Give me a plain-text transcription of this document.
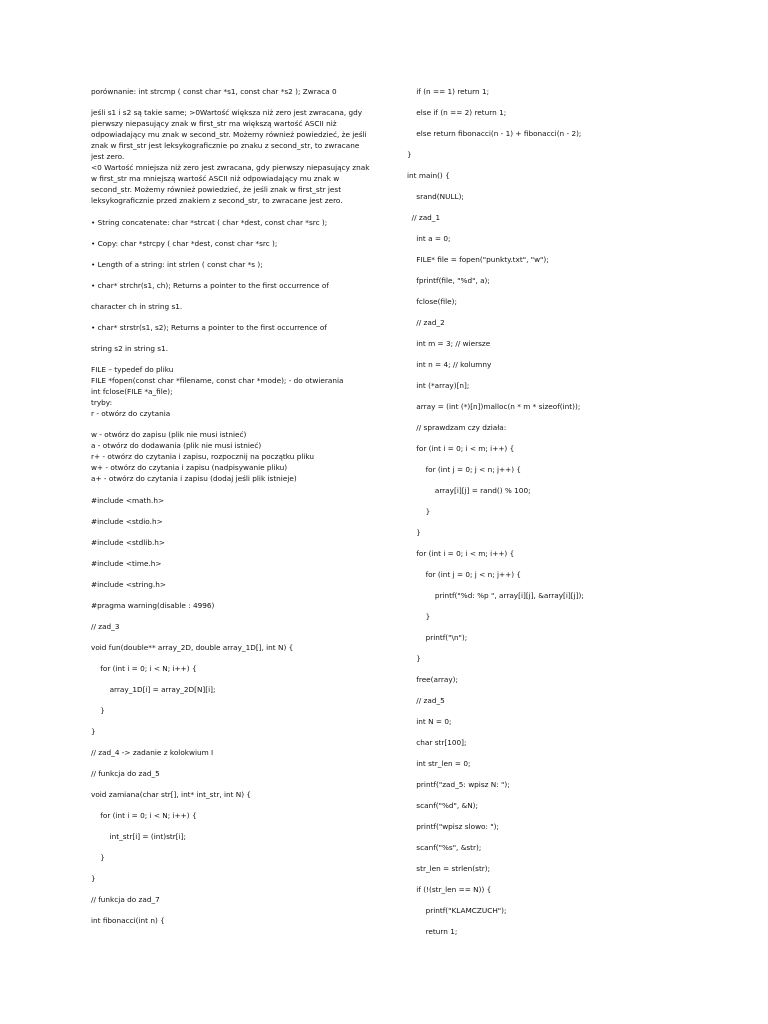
porównanie: int strcmp ( const char *s1, const char *s2 ); Zwraca 0
jeśli s1 i s2 są takie same; >0Wartość większa niż zero jest zwracana, gdy pierwszy niepasujący znak w first_str ma większą wartość ASCII niż odpowiadający mu znak w second_str. Możemy również powiedzieć, że jeśli znak w first_str jest leksykograficznie po znaku z second_str, to zwracane jest zero.
<0 Wartość mniejsza niż zero jest zwracana, gdy pierwszy niepasujący znak w first_str ma mniejszą wartość ASCII niż odpowiadający mu znak w second_str. Możemy również powiedzieć, że jeśli znak w first_str jest leksykograficznie przed znakiem z second_str, to zwracane jest zero.
• String concatenate: char *strcat ( char *dest, const char *src );
• Copy: char *strcpy ( char *dest, const char *src );
• Length of a string: int strlen ( const char *s );
• char* strchr(s1, ch); Returns a pointer to the first occurrence of
character ch in string s1.
• char* strstr(s1, s2); Returns a pointer to the first occurrence of
string s2 in string s1.
FILE – typedef do pliku
FILE *fopen(const char *filename, const char *mode); - do otwierania
int fclose(FILE *a_file);
tryby:
r - otwórz do czytania
w - otwórz do zapisu (plik nie musi istnieć)
a - otwórz do dodawania (plik nie musi istnieć)
r+ - otwórz do czytania i zapisu, rozpocznij na początku pliku
w+ - otwórz do czytania i zapisu (nadpisywanie pliku)
a+ - otwórz do czytania i zapisu (dodaj jeśli plik istnieje)
#include <math.h>
#include <stdio.h>
#include <stdlib.h>
#include <time.h>
#include <string.h>
#pragma warning(disable : 4996)
// zad_3
void fun(double** array_2D, double array_1D[], int N) {
for (int i = 0; i < N; i++) {
array_1D[i] = array_2D[N][i];
}
}
// zad_4 -> zadanie z kolokwium I
// funkcja do zad_5
void zamiana(char str[], int* int_str, int N) {
for (int i = 0; i < N; i++) {
int_str[i] = (int)str[i];
}
}
// funkcja do zad_7
int fibonacci(int n) {
if (n == 1) return 1;
else if (n == 2) return 1;
else return fibonacci(n - 1) + fibonacci(n - 2);
}
int main() {
srand(NULL);
// zad_1
int a = 0;
FILE* file = fopen("punkty.txt", "w");
fprintf(file, "%d", a);
fclose(file);
// zad_2
int m = 3; // wiersze
int n = 4; // kolumny
int (*array)[n];
array = (int (*)[n])malloc(n * m * sizeof(int));
// sprawdzam czy działa:
for (int i = 0; i < m; i++) {
for (int j = 0; j < n; j++) {
array[i][j] = rand() % 100;
}
}
for (int i = 0; i < m; i++) {
for (int j = 0; j < n; j++) {
printf("%d: %p ", array[i][j], &array[i][j]);
}
printf("\n");
}
free(array);
// zad_5
int N = 0;
char str[100];
int str_len = 0;
printf("zad_5: wpisz N: ");
scanf("%d", &N);
printf("wpisz slowo: ");
scanf("%s", &str);
str_len = strlen(str);
if (!(str_len == N)) {
printf("KLAMCZUCH");
return 1;
